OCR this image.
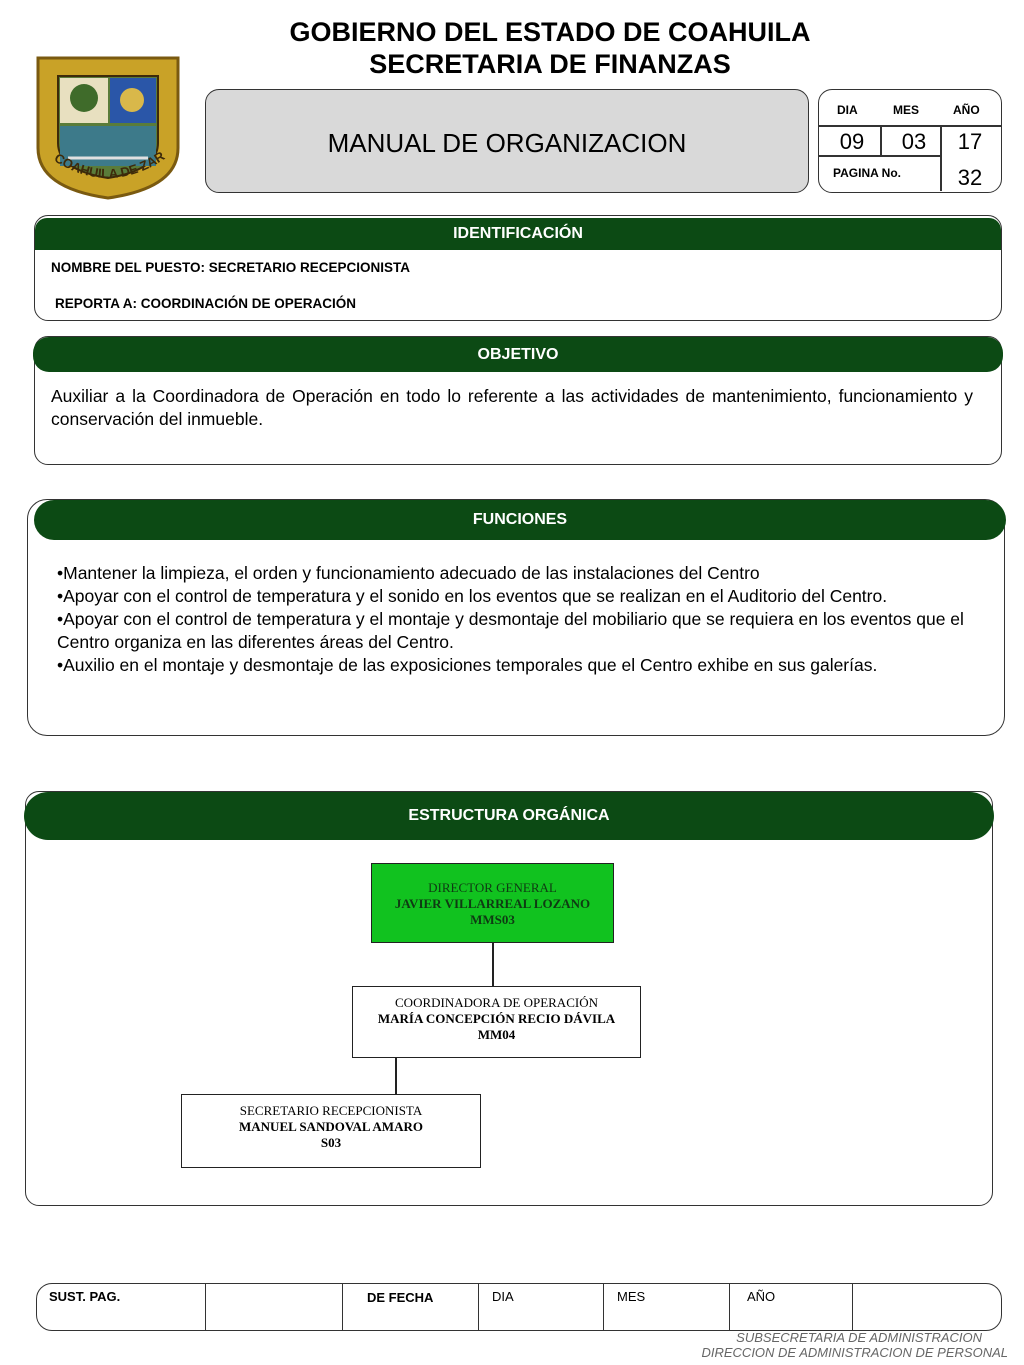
GOBIERNO DEL ESTADO DE COAHUILA
SECRETARIA DE FINANZAS
COAHUILA DE ZAR	MANUAL DE ORGANIZACION
DIA	MES	AÑO
09	03	17
PAGINA No.	32
IDENTIFICACIÓN
NOMBRE DEL PUESTO: SECRETARIO RECEPCIONISTA
REPORTA A: COORDINACIÓN DE OPERACIÓN
OBJETIVO
Auxiliar a la Coordinadora de Operación en todo lo referente a las actividades de mantenimiento, funcionamiento y conservación del inmueble.
FUNCIONES
•Mantener la limpieza, el orden y funcionamiento adecuado de las instalaciones del Centro
•Apoyar con el control de temperatura y el sonido en los eventos que se realizan en el Auditorio del Centro.
•Apoyar con el control de temperatura y el montaje y desmontaje del mobiliario que se requiera en los eventos que el Centro organiza en las diferentes áreas del Centro.
•Auxilio en el montaje y desmontaje de las exposiciones temporales que el Centro exhibe en sus galerías.
ESTRUCTURA ORGÁNICA
DIRECTOR GENERAL
JAVIER VILLARREAL LOZANO
MMS03
COORDINADORA DE OPERACIÓN
MARÍA CONCEPCIÓN RECIO DÁVILA
MM04
SECRETARIO RECEPCIONISTA
MANUEL SANDOVAL AMARO
S03
SUST. PAG.	DE FECHA	DIA	MES	AÑO
SUBSECRETARIA DE ADMINISTRACION
DIRECCION DE ADMINISTRACION DE PERSONAL
